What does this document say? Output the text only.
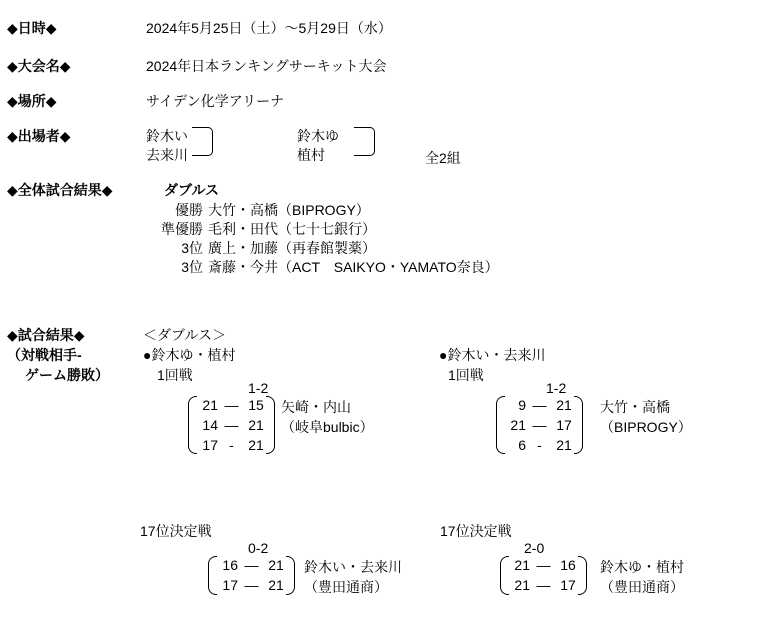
◆日時◆	2024年5月25日（土）～5月29日（水）
◆大会名◆	2024年日本ランキングサーキット大会
◆場所◆	サイデン化学アリーナ
◆出場者◆	鈴木い
去来川
鈴木ゆ
植村	全2組
◆全体試合結果◆	ダブルス
優勝 大竹・高橋（BIPROGY）
準優勝 毛利・田代（七十七銀行）
3位 廣上・加藤（再春館製薬）
3位 斎藤・今井（ACT　SAIKYO・YAMATO奈良）
◆試合結果◆
（対戦相手-
ゲーム勝敗）
＜ダブルス＞
●鈴木ゆ・植村
1回戦
1-2
21 ― 15
14 ― 21
17 -	21
矢崎・内山
（岐阜bulbic）
17位決定戦
0-2
16 ― 21
17 ― 21
鈴木い・去来川
（豊田通商）
●鈴木い・去来川
1回戦
1-2
9 ― 21
21 ― 17
6 -	21
大竹・高橋
（BIPROGY）
17位決定戦
2-0
21 ― 16
21 ― 17
鈴木ゆ・植村
（豊田通商）
